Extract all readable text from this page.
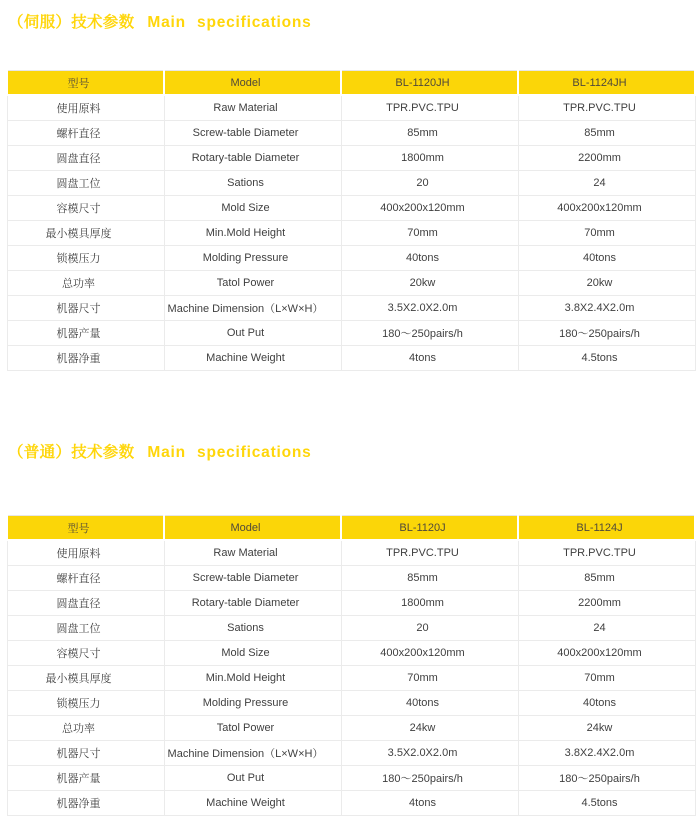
（伺服）技术参数 Main specifications
型号	Model	BL-1120JH	BL-1124JH
使用原料	Raw Material	TPR.PVC.TPU	TPR.PVC.TPU
螺杆直径	Screw-table Diameter	85mm	85mm
圆盘直径	Rotary-table Diameter	1800mm	2200mm
圆盘工位	Sations	20	24
容模尺寸	Mold Size	400x200x120mm	400x200x120mm
最小模具厚度	Min.Mold Height	70mm	70mm
锁模压力	Molding Pressure	40tons	40tons
总功率	Tatol Power	20kw	20kw
机器尺寸	Machine Dimension（L×W×H）	3.5X2.0X2.0m	3.8X2.4X2.0m
机器产量	Out Put	180～250pairs/h	180～250pairs/h
机器净重	Machine Weight	4tons	4.5tons
（普通）技术参数 Main specifications
型号	Model	BL-1120J	BL-1124J
使用原料	Raw Material	TPR.PVC.TPU	TPR.PVC.TPU
螺杆直径	Screw-table Diameter	85mm	85mm
圆盘直径	Rotary-table Diameter	1800mm	2200mm
圆盘工位	Sations	20	24
容模尺寸	Mold Size	400x200x120mm	400x200x120mm
最小模具厚度	Min.Mold Height	70mm	70mm
锁模压力	Molding Pressure	40tons	40tons
总功率	Tatol Power	24kw	24kw
机器尺寸	Machine Dimension（L×W×H）	3.5X2.0X2.0m	3.8X2.4X2.0m
机器产量	Out Put	180～250pairs/h	180～250pairs/h
机器净重	Machine Weight	4tons	4.5tons
